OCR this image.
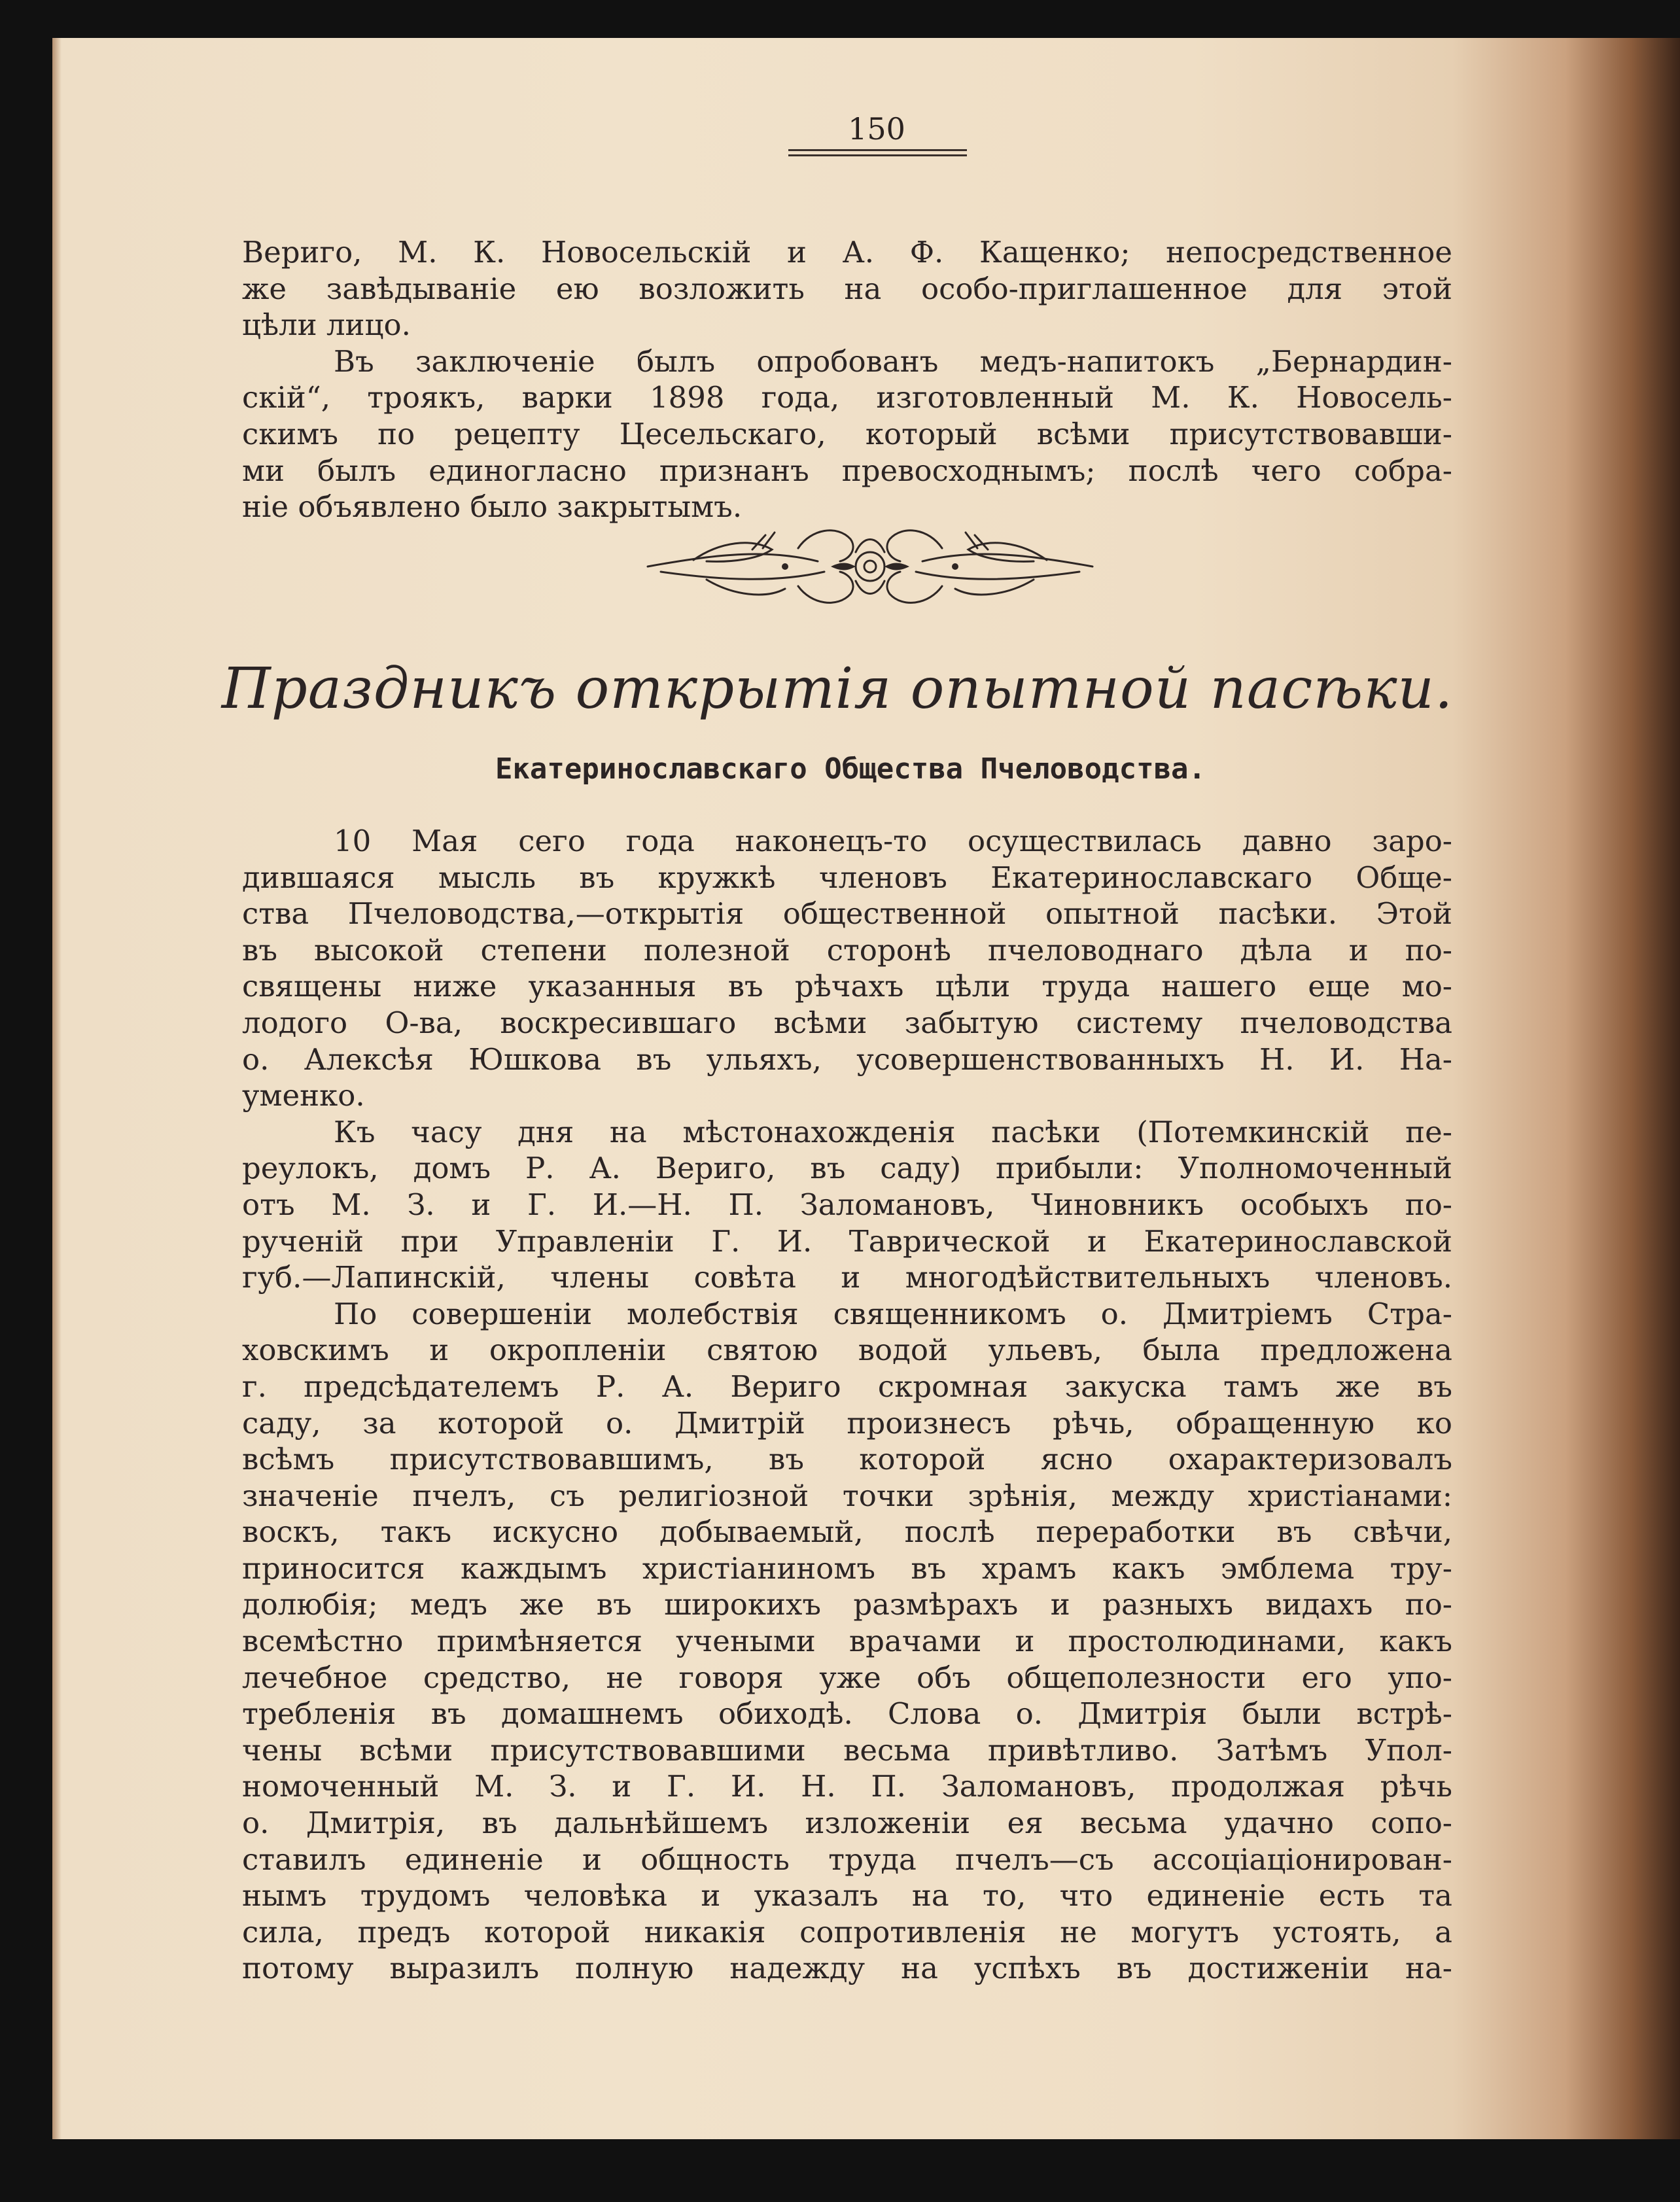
150
Вериго, М. К. Новосельскій и А. Ф. Кащенко; непосредственное
же завѣдываніе ею возложить на особо-приглашенное для этой
цѣли лицо.
Въ заключеніе былъ опробованъ медъ-напитокъ „Бернардин-
скій“, троякъ, варки 1898 года, изготовленный М. К. Новосель-
скимъ по рецепту Цесельскаго, который всѣми присутствовавши-
ми былъ единогласно признанъ превосходнымъ; послѣ чего собра-
ніе объявлено было закрытымъ.
Праздникъ открытія опытной пасѣки.
Екатеринославскаго Общества Пчеловодства.
10 Мая сего года наконецъ-то осуществилась давно заро-
дившаяся мысль въ кружкѣ членовъ Екатеринославскаго Обще-
ства Пчеловодства,—открытія общественной опытной пасѣки. Этой
въ высокой степени полезной сторонѣ пчеловоднаго дѣла и по-
священы ниже указанныя въ рѣчахъ цѣли труда нашего еще мо-
лодого О-ва, воскресившаго всѣми забытую систему пчеловодства
о. Алексѣя Юшкова въ ульяхъ, усовершенствованныхъ Н. И. На-
уменко.
Къ часу дня на мѣстонахожденія пасѣки (Потемкинскій пе-
реулокъ, домъ Р. А. Вериго, въ саду) прибыли: Уполномоченный
отъ М. З. и Г. И.—Н. П. Заломановъ, Чиновникъ особыхъ по-
рученій при Управленіи Г. И. Таврической и Екатеринославской
губ.—Лапинскій, члены совѣта и многодѣйствительныхъ членовъ.
По совершеніи молебствія священникомъ о. Дмитріемъ Стра-
ховскимъ и окропленіи святою водой ульевъ, была предложена
г. предсѣдателемъ Р. А. Вериго скромная закуска тамъ же въ
саду, за которой о. Дмитрій произнесъ рѣчь, обращенную ко
всѣмъ присутствовавшимъ, въ которой ясно охарактеризовалъ
значеніе пчелъ, съ религіозной точки зрѣнія, между христіанами:
воскъ, такъ искусно добываемый, послѣ переработки въ свѣчи,
приносится каждымъ христіаниномъ въ храмъ какъ эмблема тру-
долюбія; медъ же въ широкихъ размѣрахъ и разныхъ видахъ по-
всемѣстно примѣняется учеными врачами и простолюдинами, какъ
лечебное средство, не говоря уже объ общеполезности его упо-
требленія въ домашнемъ обиходѣ. Слова о. Дмитрія были встрѣ-
чены всѣми присутствовавшими весьма привѣтливо. Затѣмъ Упол-
номоченный М. З. и Г. И. Н. П. Заломановъ, продолжая рѣчь
о. Дмитрія, въ дальнѣйшемъ изложеніи ея весьма удачно сопо-
ставилъ единеніе и общность труда пчелъ—съ ассоціаціонирован-
нымъ трудомъ человѣка и указалъ на то, что единеніе есть та
сила, предъ которой никакія сопротивленія не могутъ устоять, а
потому выразилъ полную надежду на успѣхъ въ достиженіи на-
